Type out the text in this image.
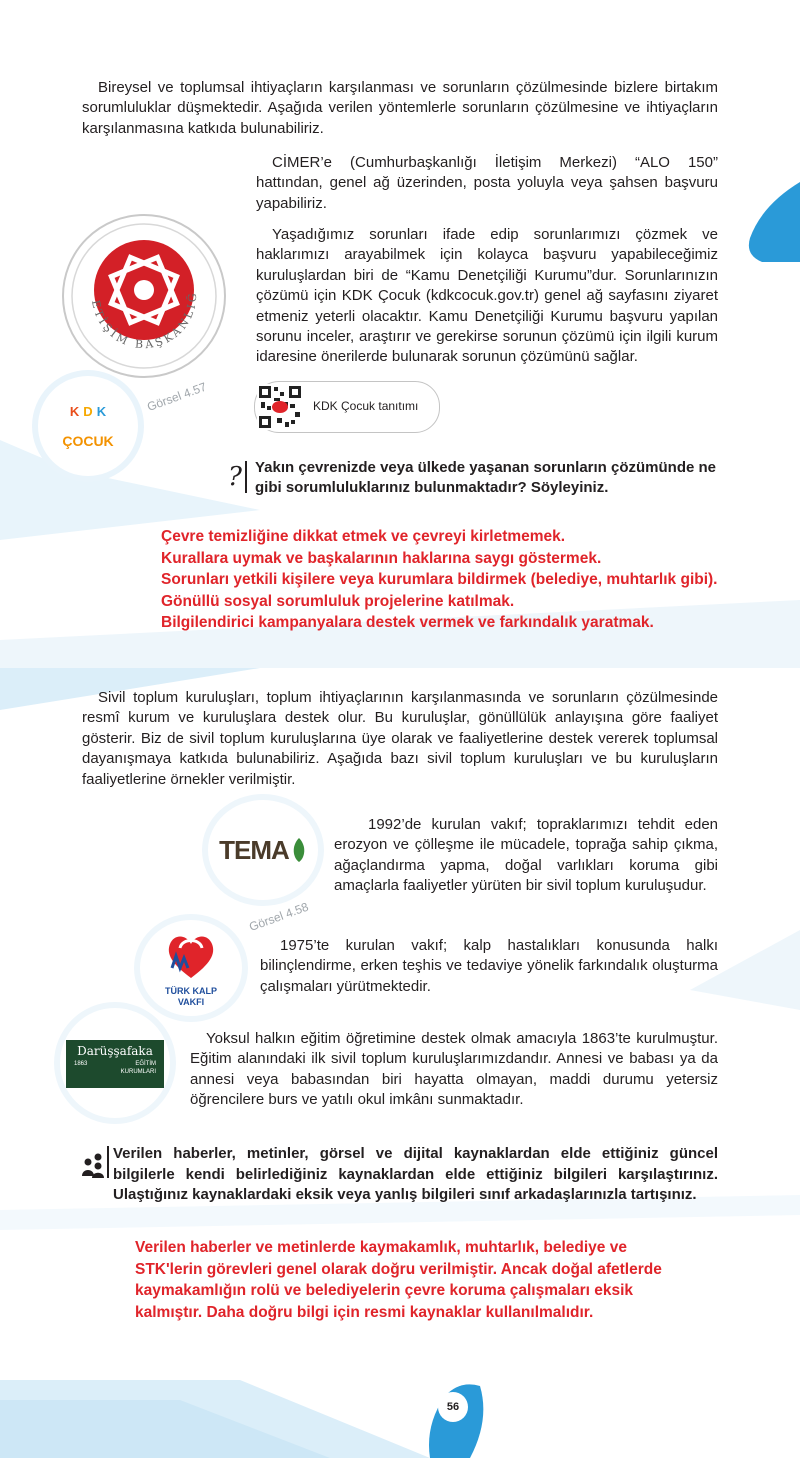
Bireysel ve toplumsal ihtiyaçların karşılanması ve sorunların çözülmesinde bizlere birtakım sorumluluklar düşmektedir. Aşağıda verilen yöntemlerle sorunların çözülmesine ve ihtiyaçların karşılanmasına katkıda bulunabiliriz.
CİMER’e (Cumhurbaşkanlığı İletişim Merkezi) “ALO 150” hattından, genel ağ üzerinden, posta yoluyla veya şahsen başvuru yapabiliriz.
Yaşadığımız sorunları ifade edip sorunlarımızı çözmek ve haklarımızı arayabilmek için kolayca başvuru yapabileceğimiz kuruluşlardan biri de “Kamu Denetçiliği Kurumu”dur. Sorunlarınızın çözümü için KDK Çocuk (kdkcocuk.gov.tr) genel ağ sayfasını ziyaret etmeniz yeterli olacaktır. Kamu Denetçiliği Kurumu başvuru yapılan sorunu inceler, araştırır ve gerekirse sorunun çözümü için ilgili kurum idaresine önerilerde bulunarak sorunun çözümünü sağlar.
ETİŞİM BAŞKANLIĞ
K D K
ÇOCUK
Görsel 4.57	KDK Çocuk tanıtımı
? Yakın çevrenizde veya ülkede yaşanan sorunların çözümünde ne gibi sorumluluklarınız bulunmaktadır? Söyleyiniz.
Çevre temizliğine dikkat etmek ve çevreyi kirletmemek.
Kurallara uymak ve başkalarının haklarına saygı göstermek.
Sorunları yetkili kişilere veya kurumlara bildirmek (belediye, muhtarlık gibi).
Gönüllü sosyal sorumluluk projelerine katılmak.
Bilgilendirici kampanyalara destek vermek ve farkındalık yaratmak.
Sivil toplum kuruluşları, toplum ihtiyaçlarının karşılanmasında ve sorunların çözülmesinde resmî kurum ve kuruluşlara destek olur. Bu kuruluşlar, gönüllülük anlayışına göre faaliyet gösterir. Biz de sivil toplum kuruluşlarına üye olarak ve faaliyetlerine destek vererek toplumsal dayanışmaya katkıda bulunabiliriz. Aşağıda bazı sivil toplum kuruluşları ve bu kuruluşların faaliyetlerine örnekler verilmiştir.
TEMA
1992’de kurulan vakıf; topraklarımızı tehdit eden erozyon ve çölleşme ile mücadele, toprağa sahip çıkma, ağaçlandırma yapma, doğal varlıkları koruma gibi amaçlarla faaliyetler yürüten bir sivil toplum kuruluşudur.
Görsel 4.58
TÜRK KALP
VAKFI
1975’te kurulan vakıf; kalp hastalıkları konusunda halkı bilinçlendirme, erken teşhis ve tedaviye yönelik farkındalık oluşturma çalışmaları yürütmektedir.
Darüşşafaka
1863	EĞİTİM
KURUMLARI
Yoksul halkın eğitim öğretimine destek olmak amacıyla 1863’te kurulmuştur. Eğitim alanındaki ilk sivil toplum kuruluşlarımızdandır. Annesi ve babası ya da annesi veya babasından biri hayatta olmayan, maddi durumu yetersiz öğrencilere burs ve yatılı okul imkânı sunmaktadır.
Verilen haberler, metinler, görsel ve dijital kaynaklardan elde ettiğiniz güncel bilgilerle kendi belirlediğiniz kaynaklardan elde ettiğiniz bilgileri karşılaştırınız. Ulaştığınız kaynaklardaki eksik veya yanlış bilgileri sınıf arkadaşlarınızla tartışınız.
Verilen haberler ve metinlerde kaymakamlık, muhtarlık, belediye ve
STK'lerin görevleri genel olarak doğru verilmiştir. Ancak doğal afetlerde
kaymakamlığın rolü ve belediyelerin çevre koruma çalışmaları eksik
kalmıştır. Daha doğru bilgi için resmi kaynaklar kullanılmalıdır.
56
